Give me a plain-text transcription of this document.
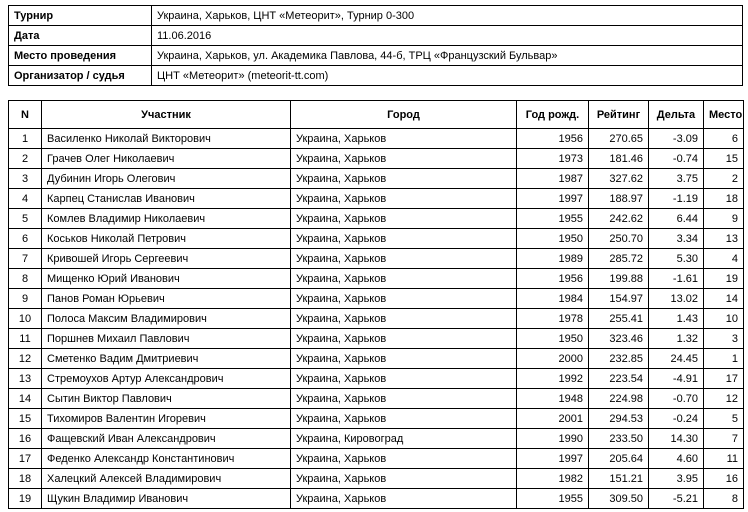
Турнир	Украина, Харьков, ЦНТ «Метеорит», Турнир 0-300
Дата	11.06.2016
Место проведения	Украина, Харьков, ул. Академика Павлова, 44-б, ТРЦ «Французский Бульвар»
Организатор / судья	ЦНТ «Метеорит» (meteorit-tt.com)
N	Участник	Город	Год рожд.	Рейтинг	Дельта	Место
1	Василенко Николай Викторович	Украина, Харьков	1956	270.65	-3.09	6
2	Грачев Олег Николаевич	Украина, Харьков	1973	181.46	-0.74	15
3	Дубинин Игорь Олегович	Украина, Харьков	1987	327.62	3.75	2
4	Карпец Станислав Иванович	Украина, Харьков	1997	188.97	-1.19	18
5	Комлев Владимир Николаевич	Украина, Харьков	1955	242.62	6.44	9
6	Коськов Николай Петрович	Украина, Харьков	1950	250.70	3.34	13
7	Кривошей Игорь Сергеевич	Украина, Харьков	1989	285.72	5.30	4
8	Мищенко Юрий Иванович	Украина, Харьков	1956	199.88	-1.61	19
9	Панов Роман Юрьевич	Украина, Харьков	1984	154.97	13.02	14
10	Полоса Максим Владимирович	Украина, Харьков	1978	255.41	1.43	10
11	Поршнев Михаил Павлович	Украина, Харьков	1950	323.46	1.32	3
12	Сметенко Вадим Дмитриевич	Украина, Харьков	2000	232.85	24.45	1
13	Стремоухов Артур Александрович	Украина, Харьков	1992	223.54	-4.91	17
14	Сытин Виктор Павлович	Украина, Харьков	1948	224.98	-0.70	12
15	Тихомиров Валентин Игоревич	Украина, Харьков	2001	294.53	-0.24	5
16	Фащевский Иван Александрович	Украина, Кировоград	1990	233.50	14.30	7
17	Феденко Александр Константинович	Украина, Харьков	1997	205.64	4.60	11
18	Халецкий Алексей Владимирович	Украина, Харьков	1982	151.21	3.95	16
19	Щукин Владимир Иванович	Украина, Харьков	1955	309.50	-5.21	8
